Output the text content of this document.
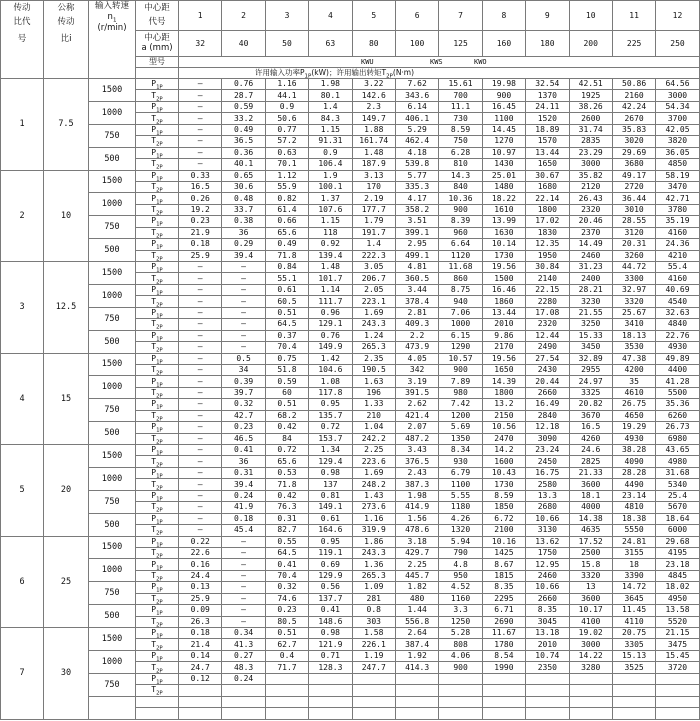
传动
比代
号
公称
传动
比i
输入转速
$n_1$
(r/min)
中心距
代号
1	2	3	4	5	6	7	8	9	10	11	12
中心距
a (mm)	32	40	50	63	80	100	125	160	180	200	225	250
型号	KWU	KWS	KWO
许用输入功率$P_{1P}(kW)$；许用输出转矩$T_{2P}(N\cdot m)$
1	7.5
1500
$P_{1P}$	—	0.76	1.16	1.98	3.22	7.62	15.61	19.98	32.54	42.51	50.86	64.56
$T_{2P}$	—	28.7	44.1	80.1	142.6	343.6	700	900	1370	1925	2160	3000
1000
$P_{1P}$	—	0.59	0.9	1.4	2.3	6.14	11.1	16.45	24.11	38.26	42.24	54.34
$T_{2P}$	—	33.2	50.6	84.3	149.7	406.1	730	1100	1520	2600	2670	3700
750
$P_{1P}$	—	0.49	0.77	1.15	1.88	5.29	8.59	14.45	18.89	31.74	35.83	42.05
$T_{2P}$	—	36.5	57.2	91.31	161.74	462.4	750	1270	1570	2835	3020	3820
500
$P_{1P}$	—	0.36	0.63	0.9	1.48	4.18	6.28	10.97	13.44	23.29	29.69	36.05
$T_{2P}$	—	40.1	70.1	106.4	187.9	539.8	810	1430	1650	3000	3680	4850
2	10
1500
$P_{1P}$	0.33	0.65	1.12	1.9	3.13	5.77	14.3	25.01	30.67	35.82	49.17	58.19
$T_{2P}$	16.5	30.6	55.9	100.1	170	335.3	840	1480	1680	2120	2720	3470
1000
$P_{1P}$	0.26	0.48	0.82	1.37	2.19	4.17	10.36	18.22	22.14	26.43	36.44	42.71
$T_{2P}$	19.2	33.7	61.4	107.6	177.7	358.2	900	1610	1800	2320	3010	3780
750
$P_{1P}$	0.23	0.38	0.66	1.15	1.79	3.51	8.39	13.99	17.02	20.46	28.55	35.19
$T_{2P}$	21.9	36	65.6	118	191.7	399.1	960	1630	1830	2370	3120	4160
500
$P_{1P}$	0.18	0.29	0.49	0.92	1.4	2.95	6.64	10.14	12.35	14.49	20.31	24.36
$T_{2P}$	25.9	39.4	71.8	139.4	222.3	499.1	1120	1730	1950	2460	3260	4210
3	12.5
1500
$P_{1P}$	—	—	0.84	1.48	3.05	4.81	11.68	19.56	30.84	31.23	44.72	55.4
$T_{2P}$	—	—	55.1	101.7	206.7	360.5	860	1500	2140	2400	3300	4160
1000
$P_{1P}$	—	—	0.61	1.14	2.05	3.44	8.75	16.46	22.15	28.21	32.97	40.69
$T_{2P}$	—	—	60.5	111.7	223.1	378.4	940	1860	2280	3230	3320	4540
750
$P_{1P}$	—	—	0.51	0.96	1.69	2.81	7.06	13.44	17.08	21.55	25.67	32.63
$T_{2P}$	—	—	64.5	129.1	243.3	409.3	1000	2010	2320	3250	3410	4840
500
$P_{1P}$	—	—	0.37	0.76	1.24	2.2	6.15	9.86	12.44	15.33	18.13	22.76
$T_{2P}$	—	—	70.4	149.9	265.3	473.9	1290	2170	2490	3450	3530	4930
4	15
1500
$P_{1P}$	—	0.5	0.75	1.42	2.35	4.05	10.57	19.56	27.54	32.89	47.38	49.89
$T_{2P}$	—	34	51.8	104.6	190.5	342	900	1650	2430	2955	4200	4400
1000
$P_{1P}$	—	0.39	0.59	1.08	1.63	3.19	7.89	14.39	20.44	24.97	35	41.28
$T_{2P}$	—	39.7	60	117.8	196	391.5	980	1800	2660	3325	4610	5500
750
$P_{1P}$	—	0.32	0.51	0.95	1.33	2.62	7.42	13.2	16.49	20.82	26.75	35.36
$T_{2P}$	—	42.7	68.2	135.7	210	421.4	1200	2150	2840	3670	4650	6260
500
$P_{1P}$	—	0.23	0.42	0.72	1.04	2.07	5.69	10.56	12.18	16.5	19.29	26.73
$T_{2P}$	—	46.5	84	153.7	242.2	487.2	1350	2470	3090	4260	4930	6980
5	20
1500
$P_{1P}$	—	0.41	0.72	1.34	2.25	3.43	8.34	14.2	23.24	24.6	38.28	43.65
$T_{2P}$	—	36	65.6	129.4	223.6	376.5	930	1600	2450	2825	4090	4980
1000
$P_{1P}$	—	0.31	0.53	0.98	1.69	2.43	6.79	10.43	16.75	21.33	28.28	31.68
$T_{2P}$	—	39.4	71.8	137	248.2	387.3	1100	1730	2580	3600	4490	5340
750
$P_{1P}$	—	0.24	0.42	0.81	1.43	1.98	5.55	8.59	13.3	18.1	23.14	25.4
$T_{2P}$	—	41.9	76.3	149.1	273.6	414.9	1180	1850	2680	4000	4810	5670
500
$P_{1P}$	—	0.18	0.31	0.61	1.16	1.56	4.26	6.72	10.66	14.38	18.38	18.64
$T_{2P}$	—	45.4	82.7	164.6	319.9	478.6	1320	2100	3130	4635	5550	6000
6	25
1500
$P_{1P}$	0.22	—	0.55	0.95	1.86	3.18	5.94	10.16	13.62	17.52	24.81	29.68
$T_{2P}$	22.6	—	64.5	119.1	243.3	429.7	790	1425	1750	2500	3155	4195
1000
$P_{1P}$	0.16	—	0.41	0.69	1.36	2.25	4.8	8.67	12.95	15.8	18	23.18
$T_{2P}$	24.4	—	70.4	129.9	265.3	445.7	950	1815	2460	3320	3390	4845
750
$P_{1P}$	0.13	—	0.32	0.56	1.09	1.82	4.52	8.35	10.66	13	14.72	18.02
$T_{2P}$	25.9	—	74.6	137.7	281	480	1160	2295	2660	3600	3645	4950
500
$P_{1P}$	0.09	—	0.23	0.41	0.8	1.44	3.3	6.71	8.35	10.17	11.45	13.58
$T_{2P}$	26.3	—	80.5	148.6	303	556.8	1250	2690	3045	4100	4110	5520
7	30
1500
$P_{1P}$	0.18	0.34	0.51	0.98	1.58	2.64	5.28	11.67	13.18	19.02	20.75	21.15
$T_{2P}$	21.4	41.3	62.7	121.9	226.1	387.4	808	1780	2010	3000	3305	3475
1000
$P_{1P}$	0.14	0.27	0.4	0.71	1.19	1.92	4.06	8.54	10.74	14.22	15.13	15.45
$T_{2P}$	24.7	48.3	71.7	128.3	247.7	414.3	900	1990	2350	3280	3525	3720
750
$P_{1P}$	0.12	0.24
$T_{2P}$
